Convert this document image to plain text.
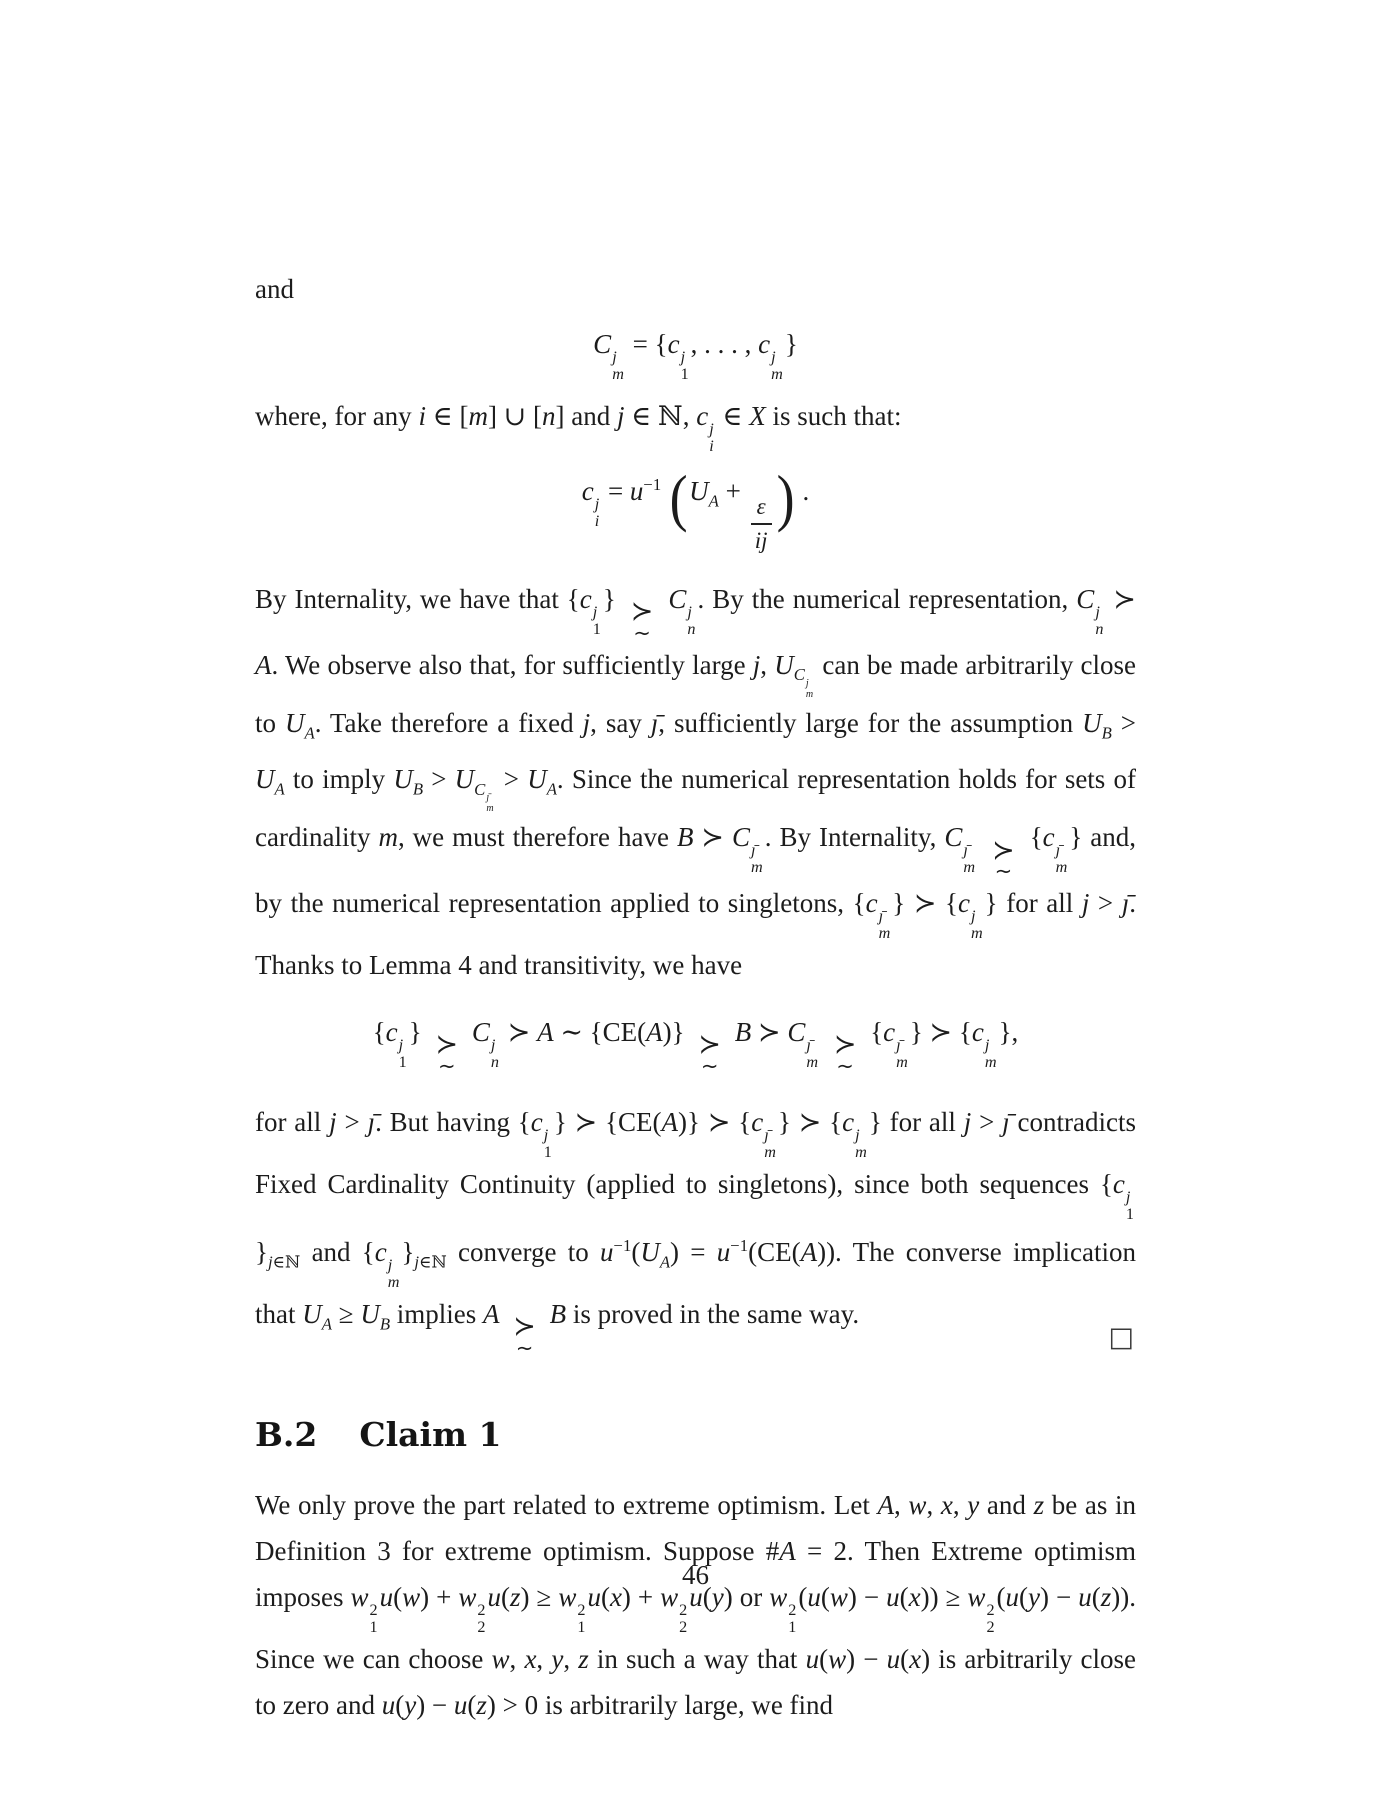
and

C j
m
= {c j
1
, . . . , c j
m
}

where, for any i ∈ [m] ∪ [n] and j ∈ ℕ, c j
i
∈ X is such that:

c j
i
= $u^{-1}$ ($U_A$ +
$\frac{\varepsilon}{ij}$ ) .

By Internality, we have that {c j
1
} ≻
∼
C j
n
. By the numerical representation, C j
n
≻ A. We observe also that, for sufficiently large j, $U_{C j m}$
can be made arbitrarily close to $U_A$. Take therefore a fixed j, say ȷ̄, sufficiently large for the assumption $U_B > U_A$ to imply $U_B > U_{C ȷ̄ m}$
> $U_A$. Since the numerical representation holds for sets of cardinality m, we must therefore have B ≻ C ȷ̄
m
. By Internality, C ȷ̄
m

≻
∼
{c ȷ̄
m
} and, by the numerical representation applied to singletons, {c ȷ̄
m
} ≻ {c j
m
} for all j > ȷ̄. Thanks to Lemma 4 and transitivity, we have

{c j
1
} ≻
∼
C j
n
≻ A ∼ {CE(A)} ≻
∼
B ≻ C ȷ̄
m

≻
∼
{c ȷ̄
m
} ≻ {c j
m
},

for all j > ȷ̄. But having {c j
1
} ≻ {CE(A)} ≻ {c ȷ̄
m
} ≻ {c j
m
} for all j > ȷ̄ contradicts Fixed Cardinality Continuity (applied to singletons), since both sequences {c j
1
}$_{j\in ℕ}$ and {c j
m
}$_{j\in ℕ}$ converge to $u^{-1}(U_A) = u^{-1}(CE(A))$. The converse implication that $U_A \ge U_B$ implies A ≻
∼
B is proved in the same way.

□
B.2 Claim 1

We only prove the part related to extreme optimism. Let A, w, x, y and z be as in Definition 3 for extreme optimism. Suppose #A = 2. Then Extreme optimism imposes w 2
1
u(w) + w 2
2
u(z) ≥ w 2
1
u(x) + w 2
2
u(y) or w 2
1
(u(w) − u(x)) ≥ w 2
2
(u(y) − u(z)). Since we can choose w, x, y, z in such a way that u(w) − u(x) is arbitrarily close to zero and u(y) − u(z) > 0 is arbitrarily large, we find

46
